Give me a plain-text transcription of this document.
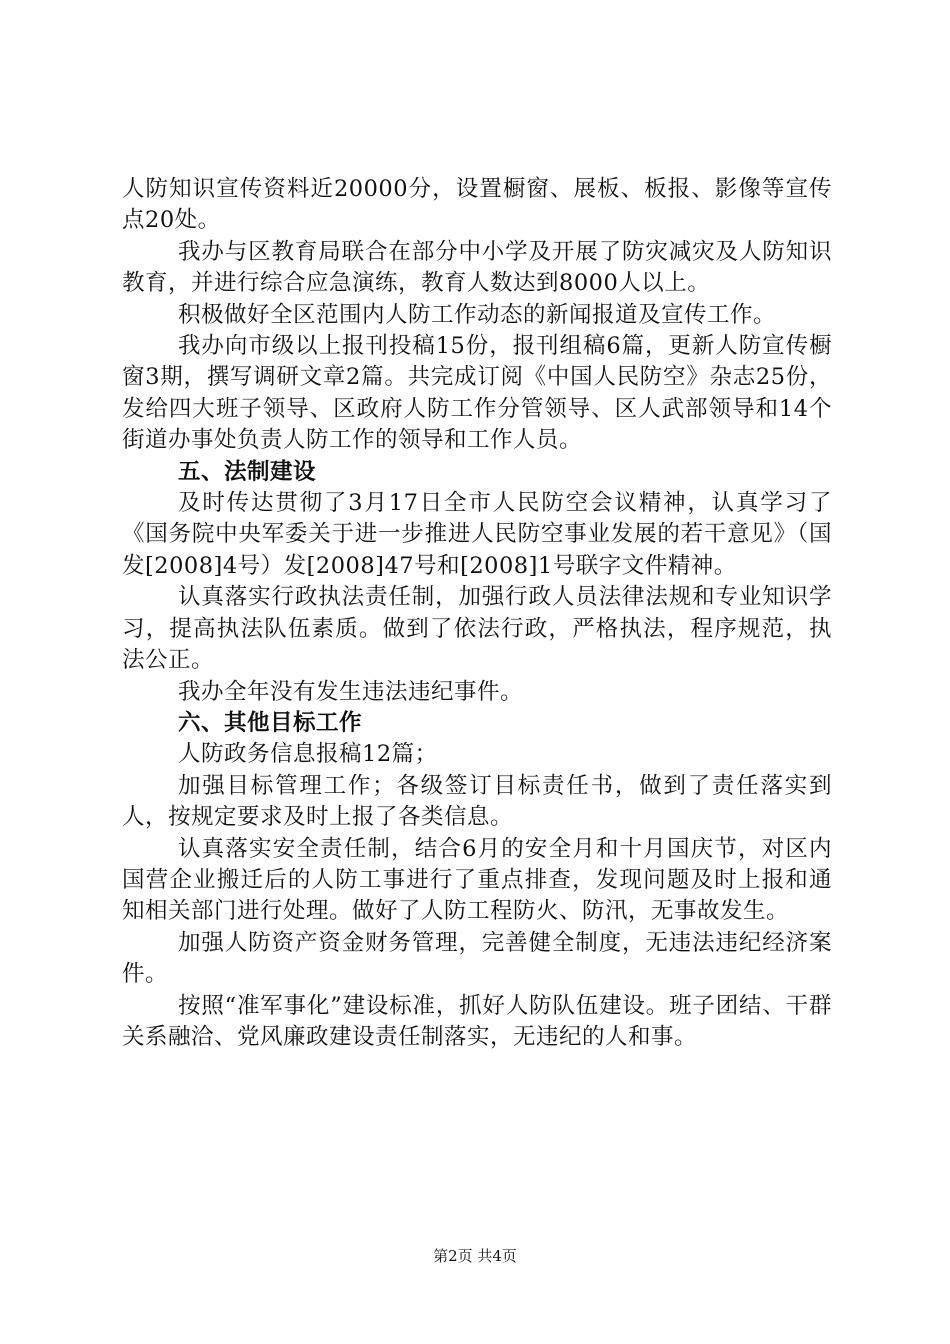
人防知识宣传资料近20000分，设置橱窗、展板、板报、影像等宣传点20处。

我办与区教育局联合在部分中小学及开展了防灾减灾及人防知识教育，并进行综合应急演练，教育人数达到8000人以上。

积极做好全区范围内人防工作动态的新闻报道及宣传工作。

我办向市级以上报刊投稿15份，报刊组稿6篇，更新人防宣传橱窗3期，撰写调研文章2篇。共完成订阅《中国人民防空》杂志25份，发给四大班子领导、区政府人防工作分管领导、区人武部领导和14个街道办事处负责人防工作的领导和工作人员。

五、法制建设

及时传达贯彻了3月17日全市人民防空会议精神，认真学习了《国务院中央军委关于进一步推进人民防空事业发展的若干意见》（国发[2008]4号）发[2008]47号和[2008]1号联字文件精神。

认真落实行政执法责任制，加强行政人员法律法规和专业知识学习，提高执法队伍素质。做到了依法行政，严格执法，程序规范，执法公正。

我办全年没有发生违法违纪事件。

六、其他目标工作

人防政务信息报稿12篇；

加强目标管理工作；各级签订目标责任书，做到了责任落实到人，按规定要求及时上报了各类信息。

认真落实安全责任制，结合6月的安全月和十月国庆节，对区内国营企业搬迁后的人防工事进行了重点排查，发现问题及时上报和通知相关部门进行处理。做好了人防工程防火、防汛，无事故发生。

加强人防资产资金财务管理，完善健全制度，无违法违纪经济案件。

按照“准军事化”建设标准，抓好人防队伍建设。班子团结、干群关系融洽、党风廉政建设责任制落实，无违纪的人和事。

第2页 共4页
